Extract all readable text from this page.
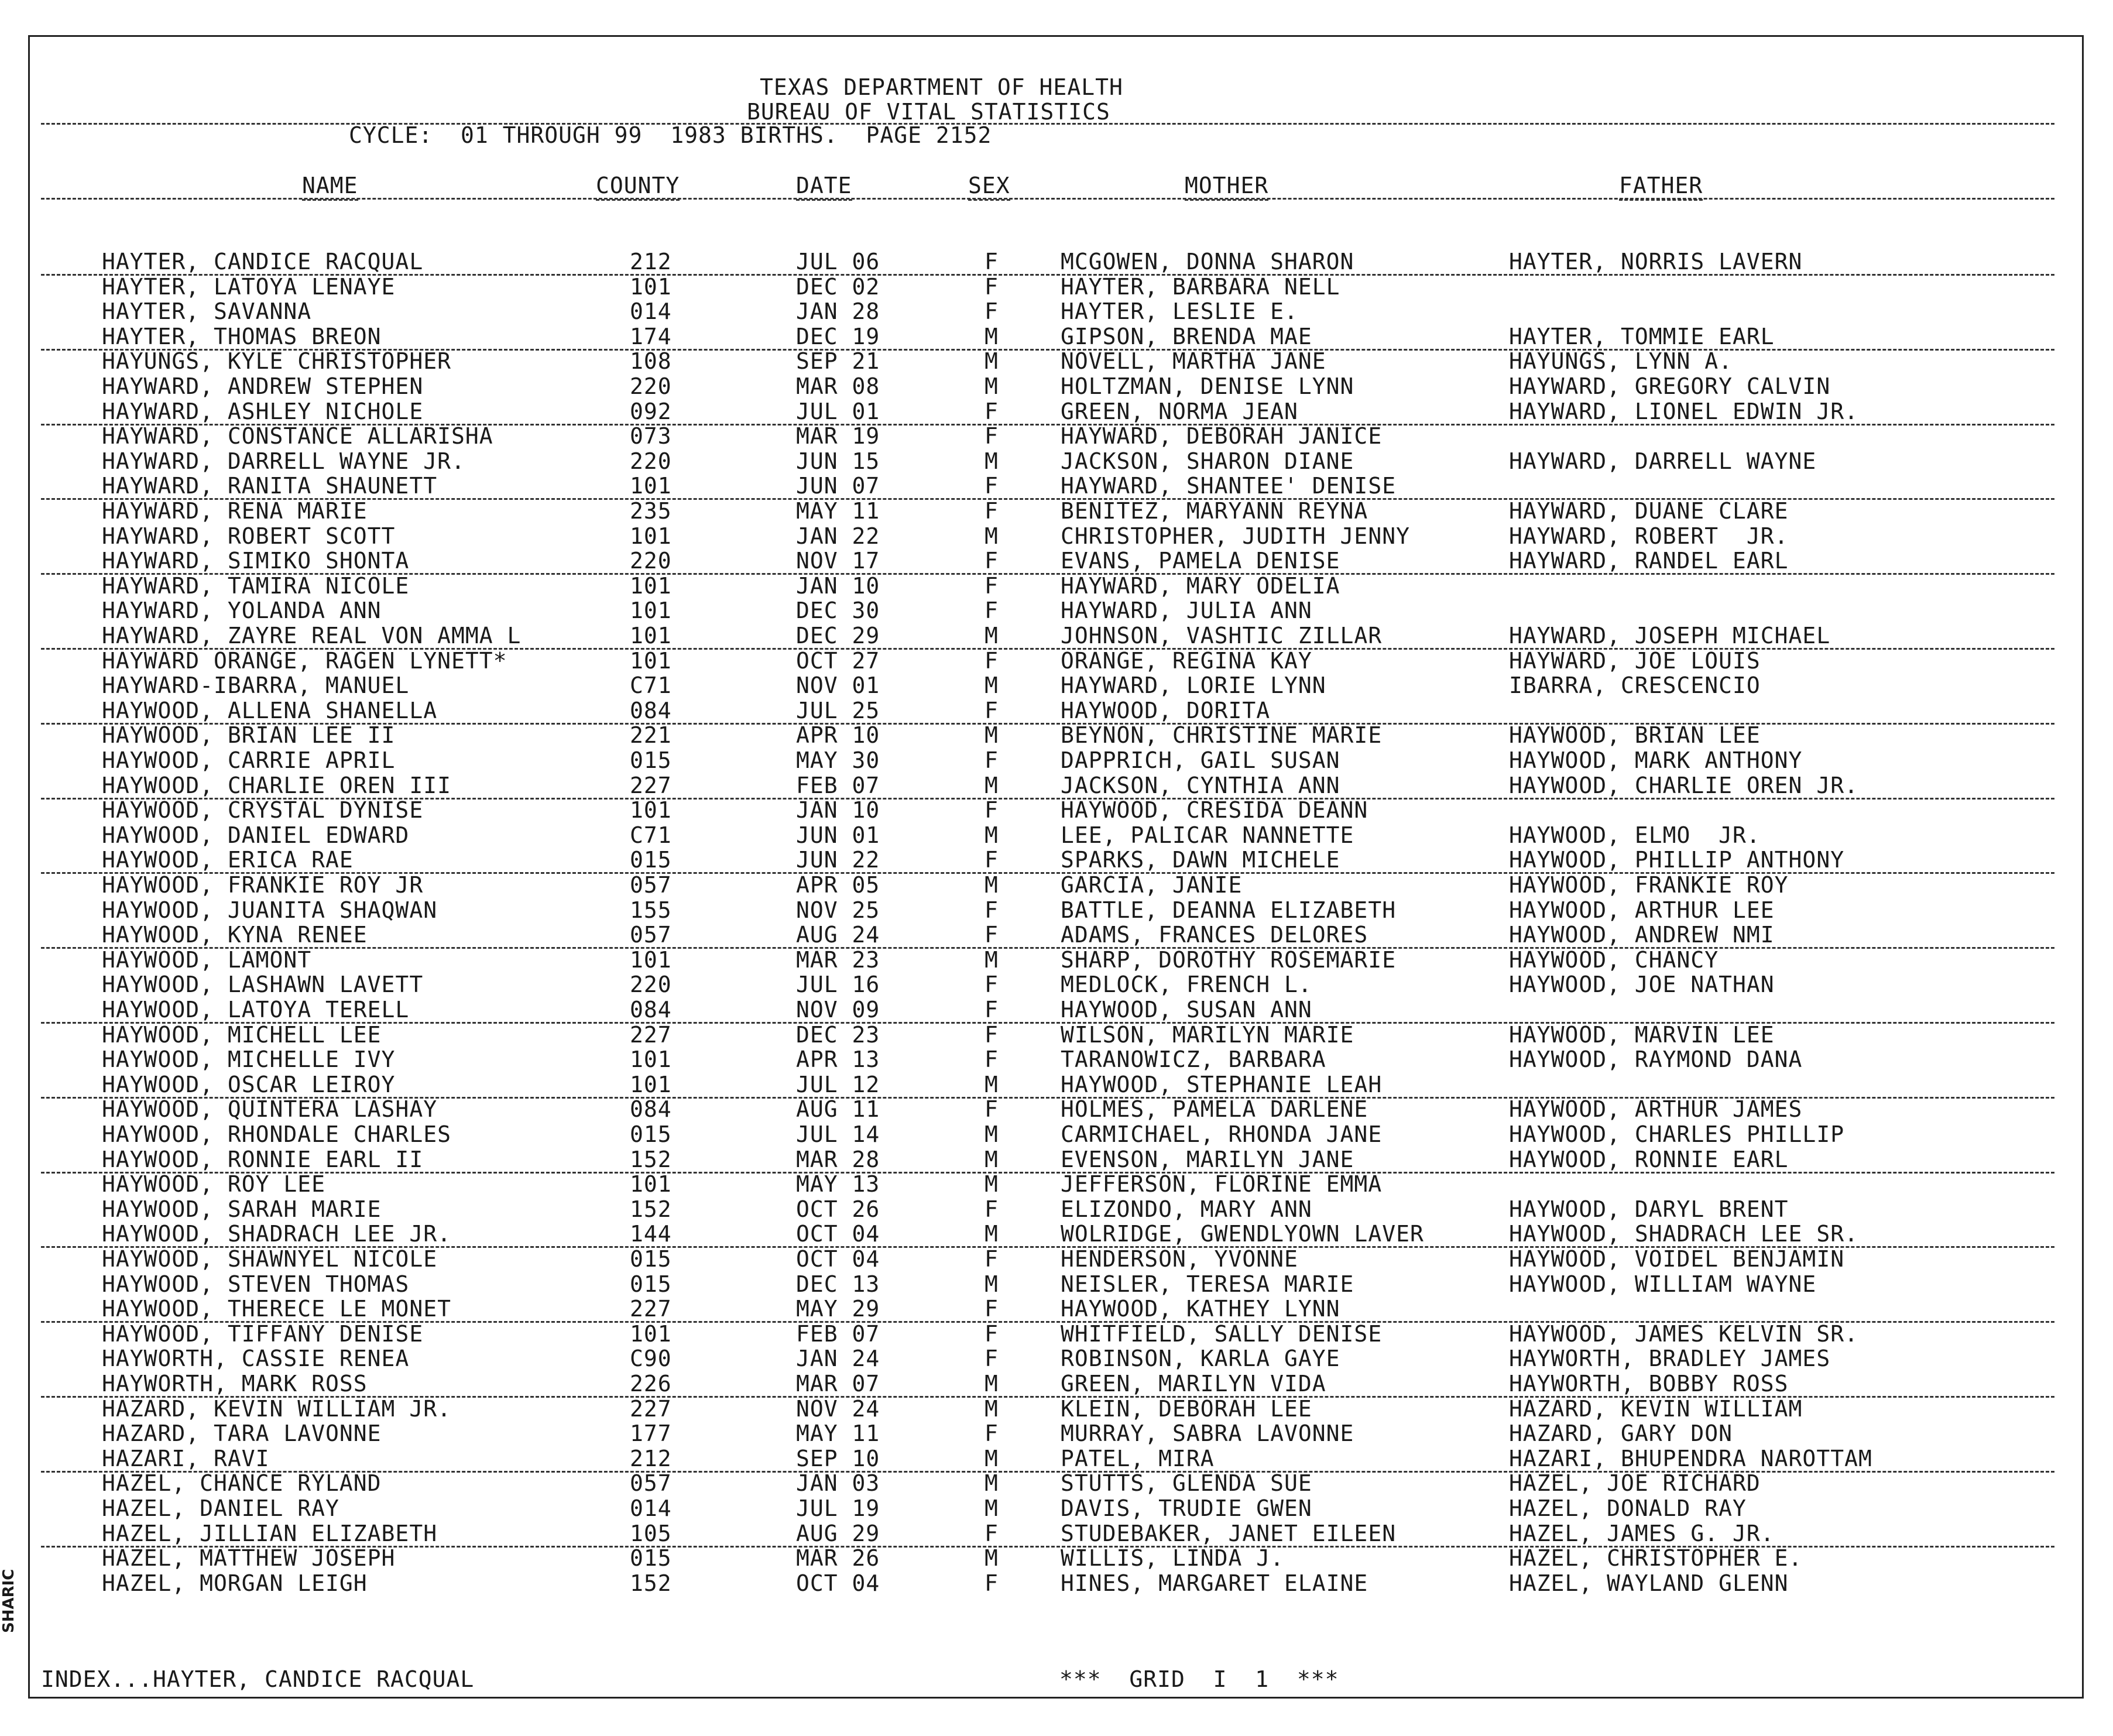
TEXAS DEPARTMENT OF HEALTH
BUREAU OF VITAL STATISTICS
CYCLE:  01 THROUGH 99  1983 BIRTHS.  PAGE 2152
NAME	COUNTY	DATE	SEX	MOTHER	FATHER
HAYTER, CANDICE RACQUAL	212	JUL 06	F	MCGOWEN, DONNA SHARON	HAYTER, NORRIS LAVERN
HAYTER, LATOYA LENAYE	101	DEC 02	F	HAYTER, BARBARA NELL
HAYTER, SAVANNA	014	JAN 28	F	HAYTER, LESLIE E.
HAYTER, THOMAS BREON	174	DEC 19	M	GIPSON, BRENDA MAE	HAYTER, TOMMIE EARL
HAYUNGS, KYLE CHRISTOPHER	108	SEP 21	M	NOVELL, MARTHA JANE	HAYUNGS, LYNN A.
HAYWARD, ANDREW STEPHEN	220	MAR 08	M	HOLTZMAN, DENISE LYNN	HAYWARD, GREGORY CALVIN
HAYWARD, ASHLEY NICHOLE	092	JUL 01	F	GREEN, NORMA JEAN	HAYWARD, LIONEL EDWIN JR.
HAYWARD, CONSTANCE ALLARISHA	073	MAR 19	F	HAYWARD, DEBORAH JANICE
HAYWARD, DARRELL WAYNE JR.	220	JUN 15	M	JACKSON, SHARON DIANE	HAYWARD, DARRELL WAYNE
HAYWARD, RANITA SHAUNETT	101	JUN 07	F	HAYWARD, SHANTEE' DENISE
HAYWARD, RENA MARIE	235	MAY 11	F	BENITEZ, MARYANN REYNA	HAYWARD, DUANE CLARE
HAYWARD, ROBERT SCOTT	101	JAN 22	M	CHRISTOPHER, JUDITH JENNY	HAYWARD, ROBERT  JR.
HAYWARD, SIMIKO SHONTA	220	NOV 17	F	EVANS, PAMELA DENISE	HAYWARD, RANDEL EARL
HAYWARD, TAMIRA NICOLE	101	JAN 10	F	HAYWARD, MARY ODELIA
HAYWARD, YOLANDA ANN	101	DEC 30	F	HAYWARD, JULIA ANN
HAYWARD, ZAYRE REAL VON AMMA L	101	DEC 29	M	JOHNSON, VASHTIC ZILLAR	HAYWARD, JOSEPH MICHAEL
HAYWARD ORANGE, RAGEN LYNETT*	101	OCT 27	F	ORANGE, REGINA KAY	HAYWARD, JOE LOUIS
HAYWARD-IBARRA, MANUEL	C71	NOV 01	M	HAYWARD, LORIE LYNN	IBARRA, CRESCENCIO
HAYWOOD, ALLENA SHANELLA	084	JUL 25	F	HAYWOOD, DORITA
HAYWOOD, BRIAN LEE II	221	APR 10	M	BEYNON, CHRISTINE MARIE	HAYWOOD, BRIAN LEE
HAYWOOD, CARRIE APRIL	015	MAY 30	F	DAPPRICH, GAIL SUSAN	HAYWOOD, MARK ANTHONY
HAYWOOD, CHARLIE OREN III	227	FEB 07	M	JACKSON, CYNTHIA ANN	HAYWOOD, CHARLIE OREN JR.
HAYWOOD, CRYSTAL DYNISE	101	JAN 10	F	HAYWOOD, CRESIDA DEANN
HAYWOOD, DANIEL EDWARD	C71	JUN 01	M	LEE, PALICAR NANNETTE	HAYWOOD, ELMO  JR.
HAYWOOD, ERICA RAE	015	JUN 22	F	SPARKS, DAWN MICHELE	HAYWOOD, PHILLIP ANTHONY
HAYWOOD, FRANKIE ROY JR	057	APR 05	M	GARCIA, JANIE	HAYWOOD, FRANKIE ROY
HAYWOOD, JUANITA SHAQWAN	155	NOV 25	F	BATTLE, DEANNA ELIZABETH	HAYWOOD, ARTHUR LEE
HAYWOOD, KYNA RENEE	057	AUG 24	F	ADAMS, FRANCES DELORES	HAYWOOD, ANDREW NMI
HAYWOOD, LAMONT	101	MAR 23	M	SHARP, DOROTHY ROSEMARIE	HAYWOOD, CHANCY
HAYWOOD, LASHAWN LAVETT	220	JUL 16	F	MEDLOCK, FRENCH L.	HAYWOOD, JOE NATHAN
HAYWOOD, LATOYA TERELL	084	NOV 09	F	HAYWOOD, SUSAN ANN
HAYWOOD, MICHELL LEE	227	DEC 23	F	WILSON, MARILYN MARIE	HAYWOOD, MARVIN LEE
HAYWOOD, MICHELLE IVY	101	APR 13	F	TARANOWICZ, BARBARA	HAYWOOD, RAYMOND DANA
HAYWOOD, OSCAR LEIROY	101	JUL 12	M	HAYWOOD, STEPHANIE LEAH
HAYWOOD, QUINTERA LASHAY	084	AUG 11	F	HOLMES, PAMELA DARLENE	HAYWOOD, ARTHUR JAMES
HAYWOOD, RHONDALE CHARLES	015	JUL 14	M	CARMICHAEL, RHONDA JANE	HAYWOOD, CHARLES PHILLIP
HAYWOOD, RONNIE EARL II	152	MAR 28	M	EVENSON, MARILYN JANE	HAYWOOD, RONNIE EARL
HAYWOOD, ROY LEE	101	MAY 13	M	JEFFERSON, FLORINE EMMA
HAYWOOD, SARAH MARIE	152	OCT 26	F	ELIZONDO, MARY ANN	HAYWOOD, DARYL BRENT
HAYWOOD, SHADRACH LEE JR.	144	OCT 04	M	WOLRIDGE, GWENDLYOWN LAVER	HAYWOOD, SHADRACH LEE SR.
HAYWOOD, SHAWNYEL NICOLE	015	OCT 04	F	HENDERSON, YVONNE	HAYWOOD, VOIDEL BENJAMIN
HAYWOOD, STEVEN THOMAS	015	DEC 13	M	NEISLER, TERESA MARIE	HAYWOOD, WILLIAM WAYNE
HAYWOOD, THERECE LE MONET	227	MAY 29	F	HAYWOOD, KATHEY LYNN
HAYWOOD, TIFFANY DENISE	101	FEB 07	F	WHITFIELD, SALLY DENISE	HAYWOOD, JAMES KELVIN SR.
HAYWORTH, CASSIE RENEA	C90	JAN 24	F	ROBINSON, KARLA GAYE	HAYWORTH, BRADLEY JAMES
HAYWORTH, MARK ROSS	226	MAR 07	M	GREEN, MARILYN VIDA	HAYWORTH, BOBBY ROSS
HAZARD, KEVIN WILLIAM JR.	227	NOV 24	M	KLEIN, DEBORAH LEE	HAZARD, KEVIN WILLIAM
HAZARD, TARA LAVONNE	177	MAY 11	F	MURRAY, SABRA LAVONNE	HAZARD, GARY DON
HAZARI, RAVI	212	SEP 10	M	PATEL, MIRA	HAZARI, BHUPENDRA NAROTTAM
HAZEL, CHANCE RYLAND	057	JAN 03	M	STUTTS, GLENDA SUE	HAZEL, JOE RICHARD
HAZEL, DANIEL RAY	014	JUL 19	M	DAVIS, TRUDIE GWEN	HAZEL, DONALD RAY
HAZEL, JILLIAN ELIZABETH	105	AUG 29	F	STUDEBAKER, JANET EILEEN	HAZEL, JAMES G. JR.
HAZEL, MATTHEW JOSEPH	015	MAR 26	M	WILLIS, LINDA J.	HAZEL, CHRISTOPHER E.
HAZEL, MORGAN LEIGH	152	OCT 04	F	HINES, MARGARET ELAINE	HAZEL, WAYLAND GLENN
INDEX...HAYTER, CANDICE RACQUAL	***  GRID  I  1  ***
SHARIC
